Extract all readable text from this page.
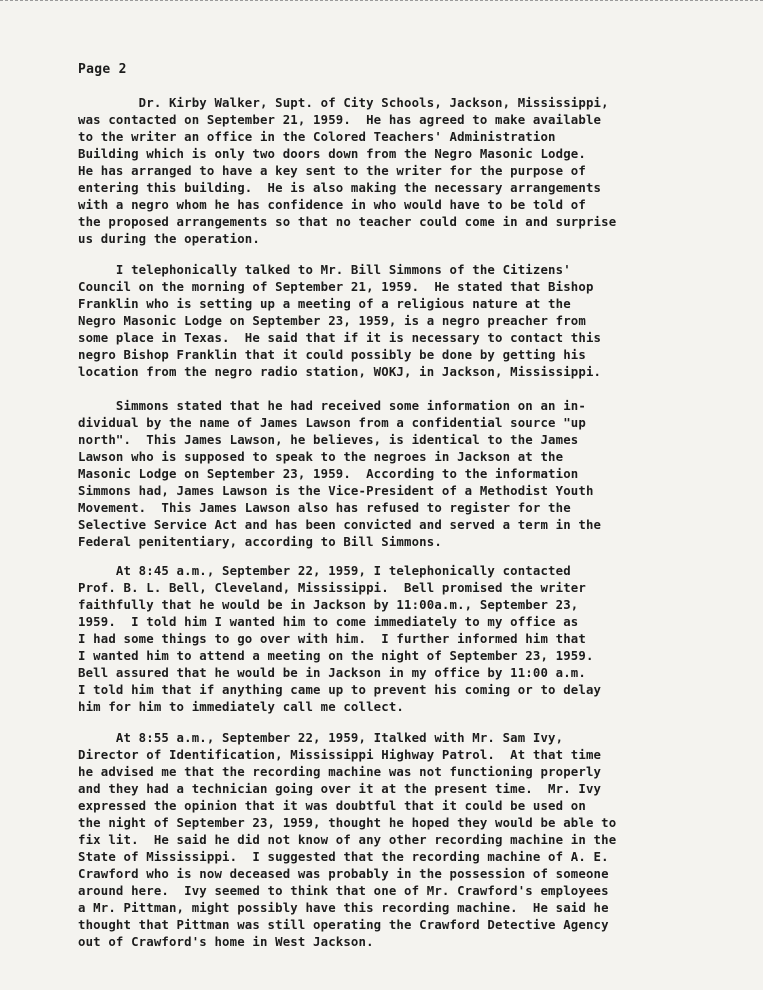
Page 2

Dr. Kirby Walker, Supt. of City Schools, Jackson, Mississippi,
was contacted on September 21, 1959.  He has agreed to make available
to the writer an office in the Colored Teachers' Administration
Building which is only two doors down from the Negro Masonic Lodge.
He has arranged to have a key sent to the writer for the purpose of
entering this building.  He is also making the necessary arrangements
with a negro whom he has confidence in who would have to be told of
the proposed arrangements so that no teacher could come in and surprise
us during the operation.

I telephonically talked to Mr. Bill Simmons of the Citizens'
Council on the morning of September 21, 1959.  He stated that Bishop
Franklin who is setting up a meeting of a religious nature at the
Negro Masonic Lodge on September 23, 1959, is a negro preacher from
some place in Texas.  He said that if it is necessary to contact this
negro Bishop Franklin that it could possibly be done by getting his
location from the negro radio station, WOKJ, in Jackson, Mississippi.

Simmons stated that he had received some information on an in-
dividual by the name of James Lawson from a confidential source "up
north".  This James Lawson, he believes, is identical to the James
Lawson who is supposed to speak to the negroes in Jackson at the
Masonic Lodge on September 23, 1959.  According to the information
Simmons had, James Lawson is the Vice-President of a Methodist Youth
Movement.  This James Lawson also has refused to register for the
Selective Service Act and has been convicted and served a term in the
Federal penitentiary, according to Bill Simmons.

At 8:45 a.m., September 22, 1959, I telephonically contacted
Prof. B. L. Bell, Cleveland, Mississippi.  Bell promised the writer
faithfully that he would be in Jackson by 11:00a.m., September 23,
1959.  I told him I wanted him to come immediately to my office as
I had some things to go over with him.  I further informed him that
I wanted him to attend a meeting on the night of September 23, 1959.
Bell assured that he would be in Jackson in my office by 11:00 a.m.
I told him that if anything came up to prevent his coming or to delay
him for him to immediately call me collect.

At 8:55 a.m., September 22, 1959, Italked with Mr. Sam Ivy,
Director of Identification, Mississippi Highway Patrol.  At that time
he advised me that the recording machine was not functioning properly
and they had a technician going over it at the present time.  Mr. Ivy
expressed the opinion that it was doubtful that it could be used on
the night of September 23, 1959, thought he hoped they would be able to
fix lit.  He said he did not know of any other recording machine in the
State of Mississippi.  I suggested that the recording machine of A. E.
Crawford who is now deceased was probably in the possession of someone
around here.  Ivy seemed to think that one of Mr. Crawford's employees
a Mr. Pittman, might possibly have this recording machine.  He said he
thought that Pittman was still operating the Crawford Detective Agency
out of Crawford's home in West Jackson.
